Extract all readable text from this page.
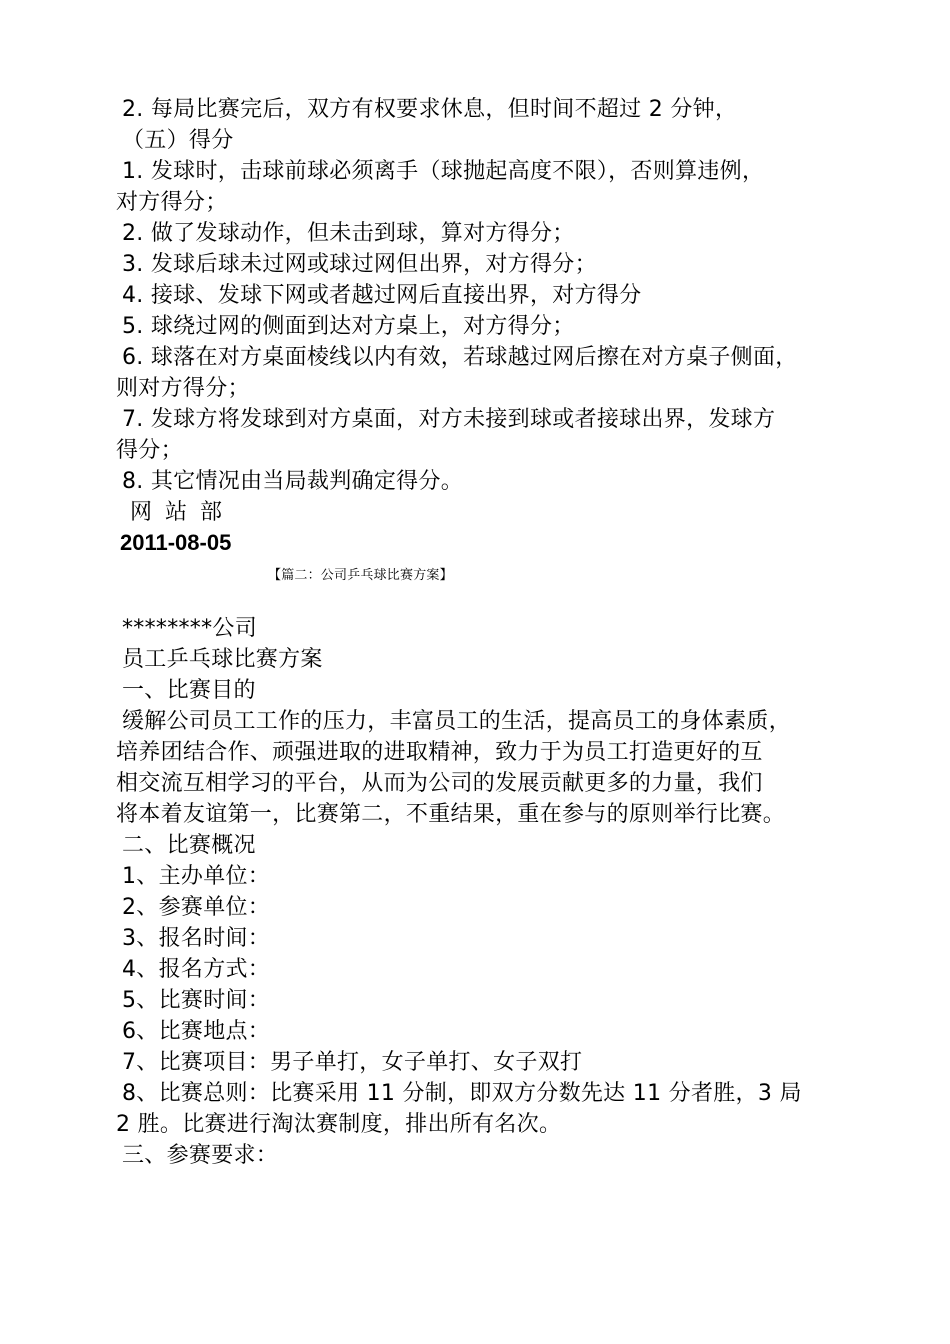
2. 每局比赛完后，双方有权要求休息，但时间不超过 2 分钟，
（五）得分
1. 发球时，击球前球必须离手（球抛起高度不限），否则算违例，
对方得分；
2. 做了发球动作，但未击到球，算对方得分；
3. 发球后球未过网或球过网但出界，对方得分；
4. 接球、发球下网或者越过网后直接出界，对方得分
5. 球绕过网的侧面到达对方桌上，对方得分；
6. 球落在对方桌面棱线以内有效，若球越过网后擦在对方桌子侧面，
则对方得分；
7. 发球方将发球到对方桌面，对方未接到球或者接球出界，发球方
得分；
8. 其它情况由当局裁判确定得分。
网 站 部
2011-08-05
【篇二：公司乒乓球比赛方案】
********公司
员工乒乓球比赛方案
一、比赛目的
缓解公司员工工作的压力，丰富员工的生活，提高员工的身体素质，
培养团结合作、顽强进取的进取精神，致力于为员工打造更好的互
相交流互相学习的平台，从而为公司的发展贡献更多的力量，我们
将本着友谊第一，比赛第二，不重结果，重在参与的原则举行比赛。
二、比赛概况
1、主办单位：
2、参赛单位：
3、报名时间：
4、报名方式：
5、比赛时间：
6、比赛地点：
7、比赛项目：男子单打，女子单打、女子双打
8、比赛总则：比赛采用 11 分制，即双方分数先达 11 分者胜，3 局
2 胜。比赛进行淘汰赛制度，排出所有名次。
三、参赛要求：
